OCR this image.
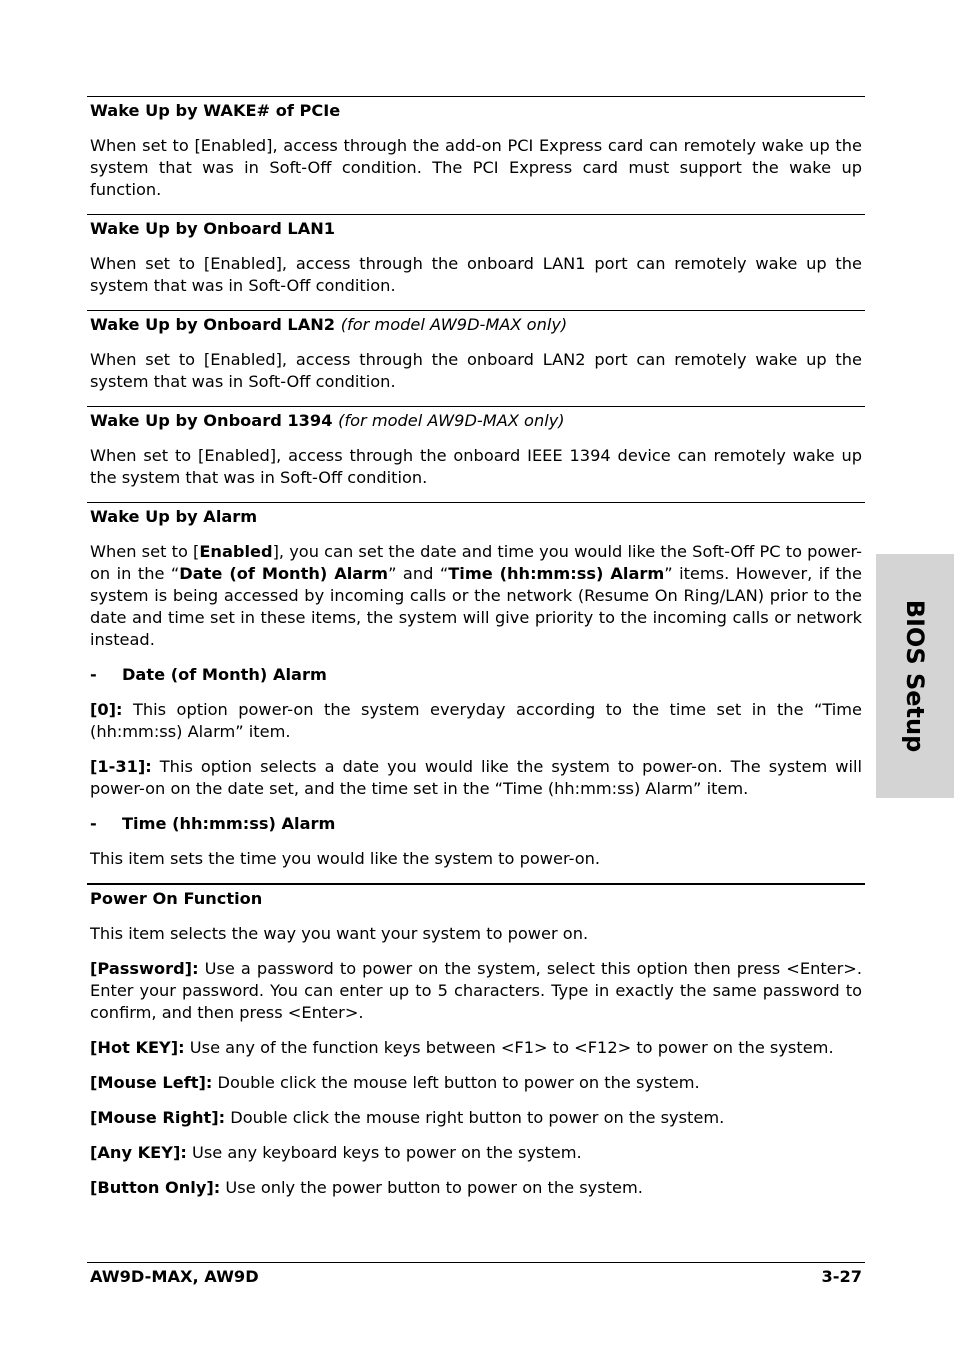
Wake Up by WAKE# of PCIe

When set to [Enabled], access through the add-on PCI Express card can remotely wake up the system that was in Soft-Off condition. The PCI Express card must support the wake up function.

Wake Up by Onboard LAN1

When set to [Enabled], access through the onboard LAN1 port can remotely wake up the system that was in Soft-Off condition.

Wake Up by Onboard LAN2 (for model AW9D-MAX only)

When set to [Enabled], access through the onboard LAN2 port can remotely wake up the system that was in Soft-Off condition.

Wake Up by Onboard 1394 (for model AW9D-MAX only)

When set to [Enabled], access through the onboard IEEE 1394 device can remotely wake up the system that was in Soft-Off condition.

Wake Up by Alarm

When set to [Enabled], you can set the date and time you would like the Soft-Off PC to power-on in the “Date (of Month) Alarm” and “Time (hh:mm:ss) Alarm” items. However, if the system is being accessed by incoming calls or the network (Resume On Ring/LAN) prior to the date and time set in these items, the system will give priority to the incoming calls or network instead.

- Date (of Month) Alarm

[0]: This option power-on the system everyday according to the time set in the “Time (hh:mm:ss) Alarm” item.

[1-31]: This option selects a date you would like the system to power-on. The system will power-on on the date set, and the time set in the “Time (hh:mm:ss) Alarm” item.

- Time (hh:mm:ss) Alarm

This item sets the time you would like the system to power-on.

Power On Function

This item selects the way you want your system to power on.

[Password]: Use a password to power on the system, select this option then press <Enter>. Enter your password. You can enter up to 5 characters. Type in exactly the same password to confirm, and then press <Enter>.

[Hot KEY]: Use any of the function keys between <F1> to <F12> to power on the system.

[Mouse Left]: Double click the mouse left button to power on the system.

[Mouse Right]: Double click the mouse right button to power on the system.

[Any KEY]: Use any keyboard keys to power on the system.

[Button Only]: Use only the power button to power on the system.

BIOS Setup
AW9D-MAX, AW9D	3-27
